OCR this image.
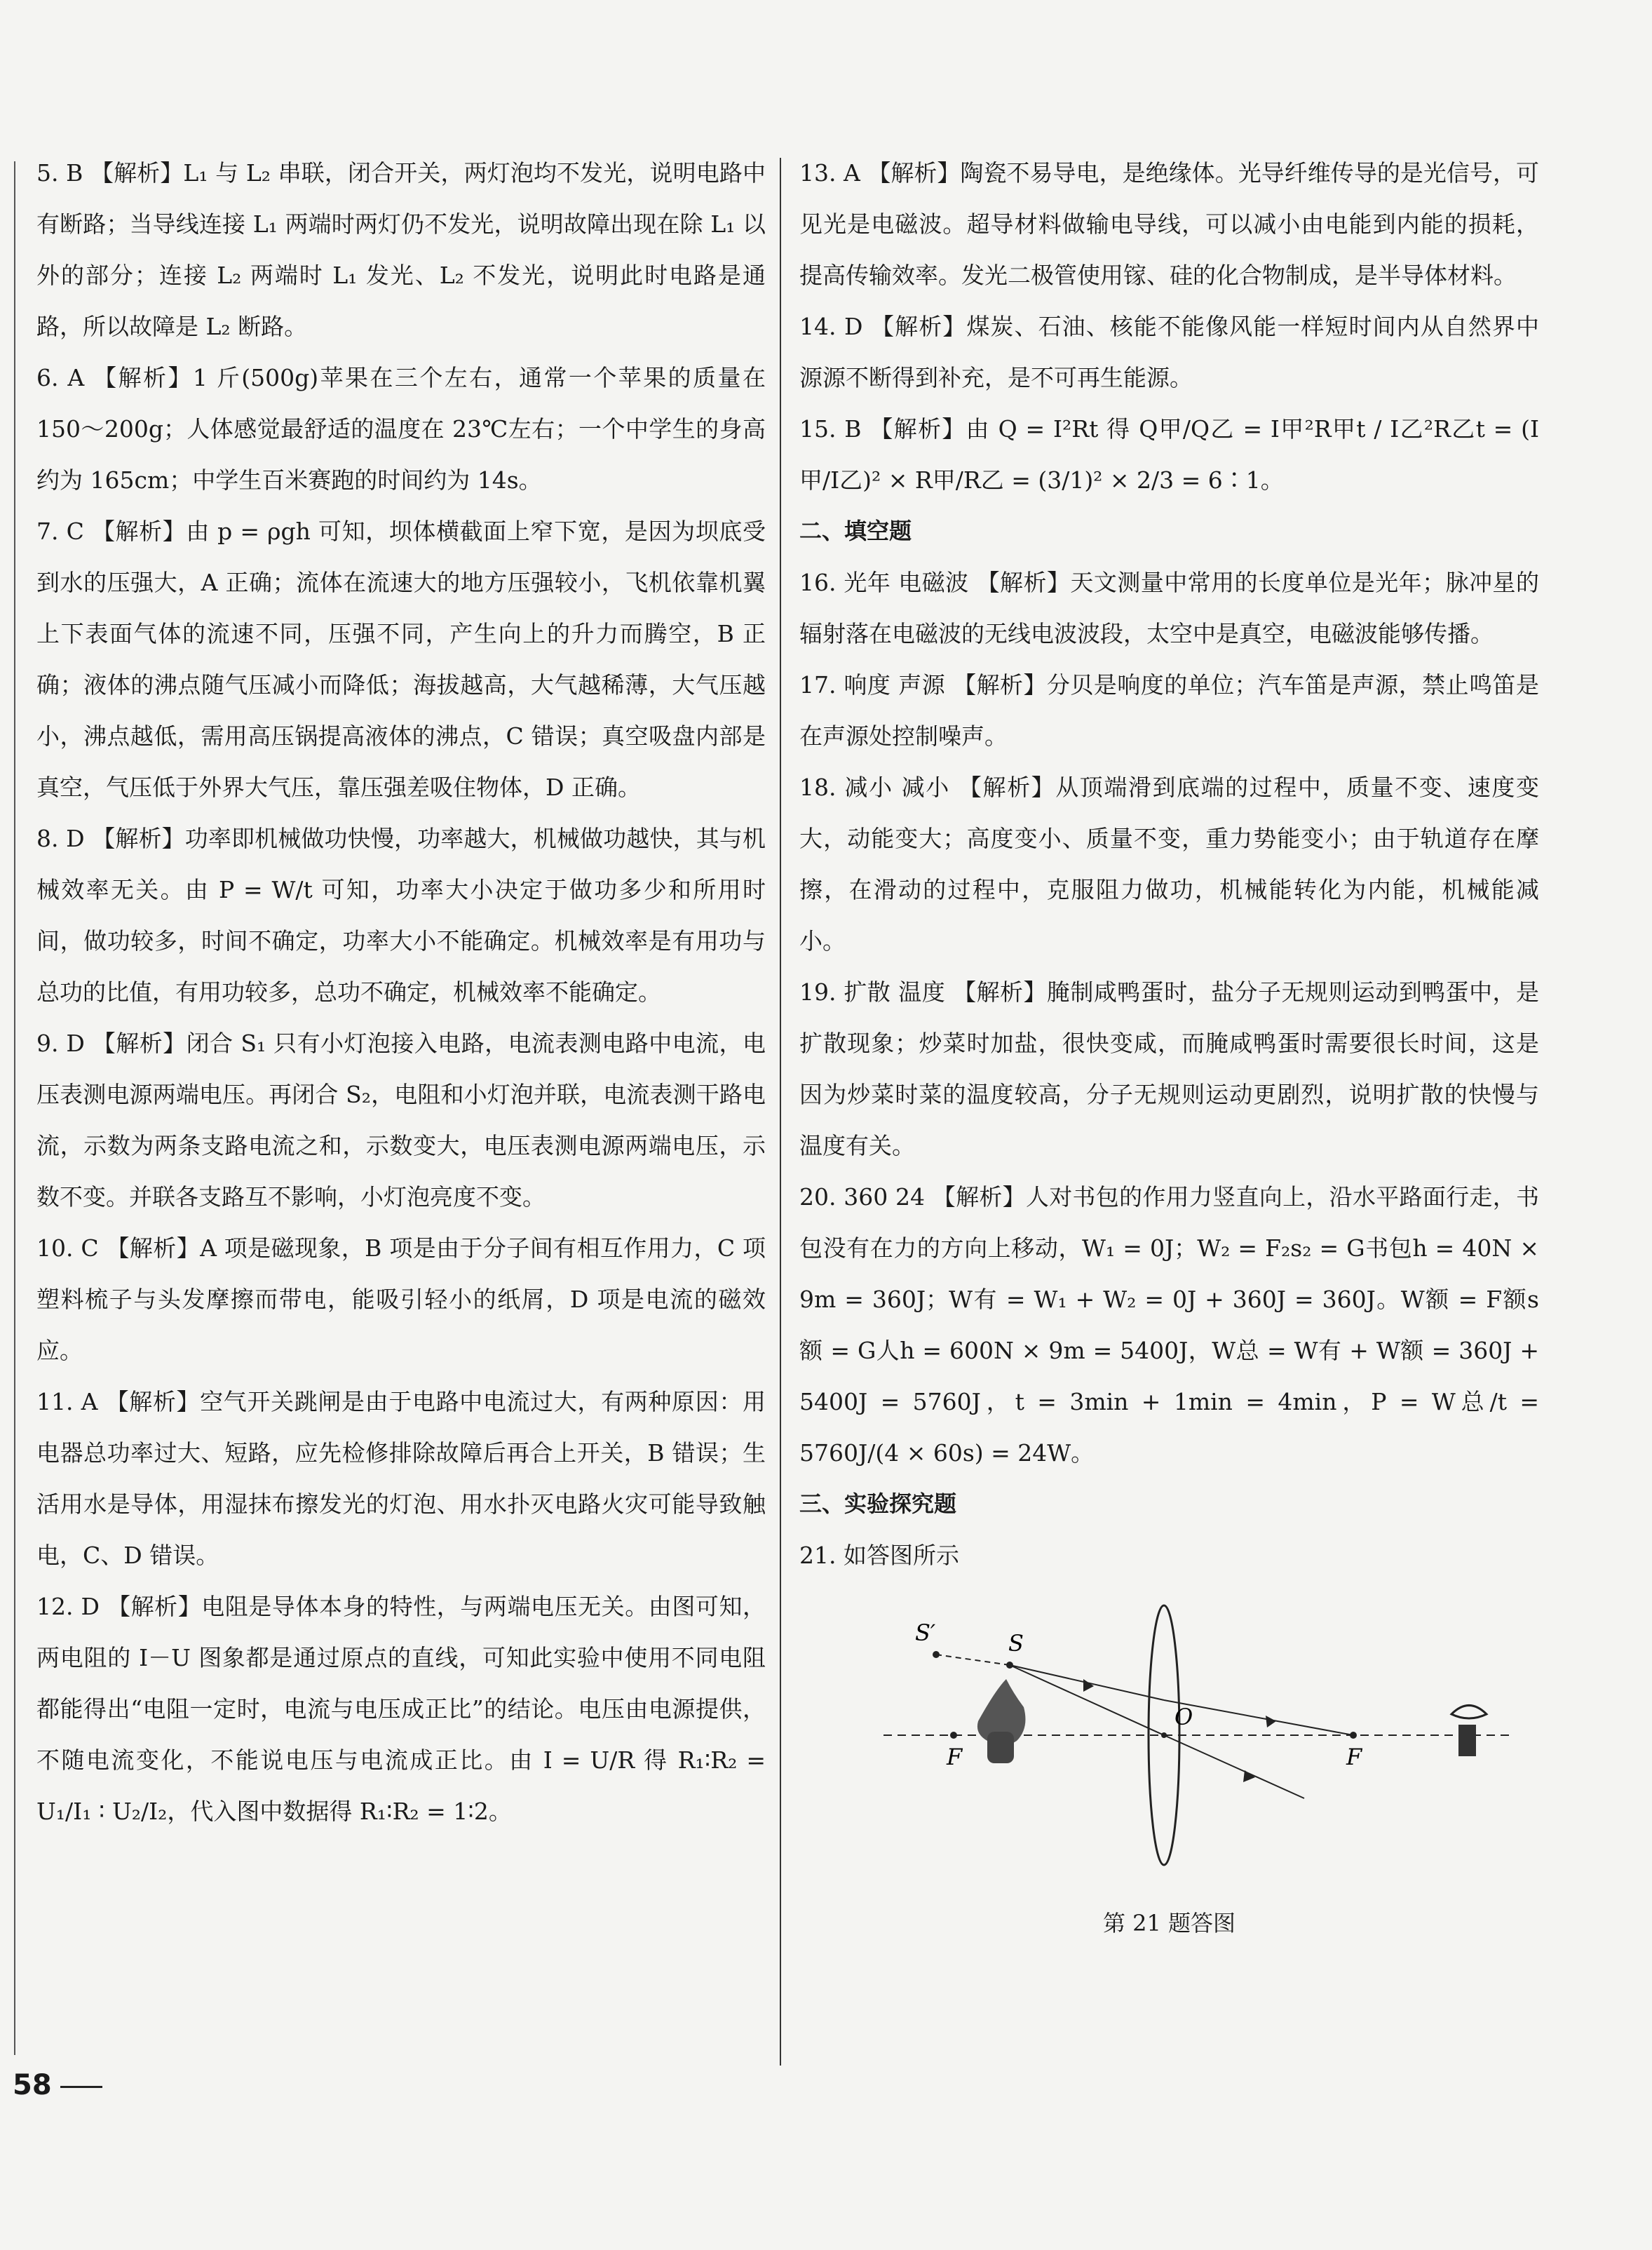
5. B 【解析】L₁ 与 L₂ 串联，闭合开关，两灯泡均不发光，说明电路中有断路；当导线连接 L₁ 两端时两灯仍不发光，说明故障出现在除 L₁ 以外的部分；连接 L₂ 两端时 L₁ 发光、L₂ 不发光，说明此时电路是通路，所以故障是 L₂ 断路。

6. A 【解析】1 斤(500g)苹果在三个左右，通常一个苹果的质量在 150～200g；人体感觉最舒适的温度在 23℃左右；一个中学生的身高约为 165cm；中学生百米赛跑的时间约为 14s。

7. C 【解析】由 p = ρgh 可知，坝体横截面上窄下宽，是因为坝底受到水的压强大，A 正确；流体在流速大的地方压强较小，飞机依靠机翼上下表面气体的流速不同，压强不同，产生向上的升力而腾空，B 正确；液体的沸点随气压减小而降低；海拔越高，大气越稀薄，大气压越小，沸点越低，需用高压锅提高液体的沸点，C 错误；真空吸盘内部是真空，气压低于外界大气压，靠压强差吸住物体，D 正确。

8. D 【解析】功率即机械做功快慢，功率越大，机械做功越快，其与机械效率无关。由 P = W/t 可知，功率大小决定于做功多少和所用时间，做功较多，时间不确定，功率大小不能确定。机械效率是有用功与总功的比值，有用功较多，总功不确定，机械效率不能确定。

9. D 【解析】闭合 S₁ 只有小灯泡接入电路，电流表测电路中电流，电压表测电源两端电压。再闭合 S₂，电阻和小灯泡并联，电流表测干路电流，示数为两条支路电流之和，示数变大，电压表测电源两端电压，示数不变。并联各支路互不影响，小灯泡亮度不变。

10. C 【解析】A 项是磁现象，B 项是由于分子间有相互作用力，C 项塑料梳子与头发摩擦而带电，能吸引轻小的纸屑，D 项是电流的磁效应。

11. A 【解析】空气开关跳闸是由于电路中电流过大，有两种原因：用电器总功率过大、短路，应先检修排除故障后再合上开关，B 错误；生活用水是导体，用湿抹布擦发光的灯泡、用水扑灭电路火灾可能导致触电，C、D 错误。

12. D 【解析】电阻是导体本身的特性，与两端电压无关。由图可知，两电阻的 I－U 图象都是通过原点的直线，可知此实验中使用不同电阻都能得出“电阻一定时，电流与电压成正比”的结论。电压由电源提供，不随电流变化，不能说电压与电流成正比。由 I = U/R 得 R₁∶R₂ = U₁/I₁ ∶ U₂/I₂，代入图中数据得 R₁∶R₂ = 1∶2。

13. A 【解析】陶瓷不易导电，是绝缘体。光导纤维传导的是光信号，可见光是电磁波。超导材料做输电导线，可以减小由电能到内能的损耗，提高传输效率。发光二极管使用镓、硅的化合物制成，是半导体材料。

14. D 【解析】煤炭、石油、核能不能像风能一样短时间内从自然界中源源不断得到补充，是不可再生能源。

15. B 【解析】由 Q = I²Rt 得 Q甲/Q乙 = I甲²R甲t / I乙²R乙t = (I甲/I乙)² × R甲/R乙 = (3/1)² × 2/3 = 6∶1。

二、填空题

16. 光年 电磁波 【解析】天文测量中常用的长度单位是光年；脉冲星的辐射落在电磁波的无线电波波段，太空中是真空，电磁波能够传播。

17. 响度 声源 【解析】分贝是响度的单位；汽车笛是声源，禁止鸣笛是在声源处控制噪声。

18. 减小 减小 【解析】从顶端滑到底端的过程中，质量不变、速度变大，动能变大；高度变小、质量不变，重力势能变小；由于轨道存在摩擦，在滑动的过程中，克服阻力做功，机械能转化为内能，机械能减小。

19. 扩散 温度 【解析】腌制咸鸭蛋时，盐分子无规则运动到鸭蛋中，是扩散现象；炒菜时加盐，很快变咸，而腌咸鸭蛋时需要很长时间，这是因为炒菜时菜的温度较高，分子无规则运动更剧烈，说明扩散的快慢与温度有关。

20. 360 24 【解析】人对书包的作用力竖直向上，沿水平路面行走，书包没有在力的方向上移动，W₁ = 0J；W₂ = F₂s₂ = G书包h = 40N × 9m = 360J；W有 = W₁ + W₂ = 0J + 360J = 360J。W额 = F额s额 = G人h = 600N × 9m = 5400J，W总 = W有 + W额 = 360J + 5400J = 5760J，t = 3min + 1min = 4min，P = W总/t = 5760J/(4 × 60s) = 24W。

三、实验探究题

21. 如答图所示

S′	S
O
F	F
第 21 题答图
58
